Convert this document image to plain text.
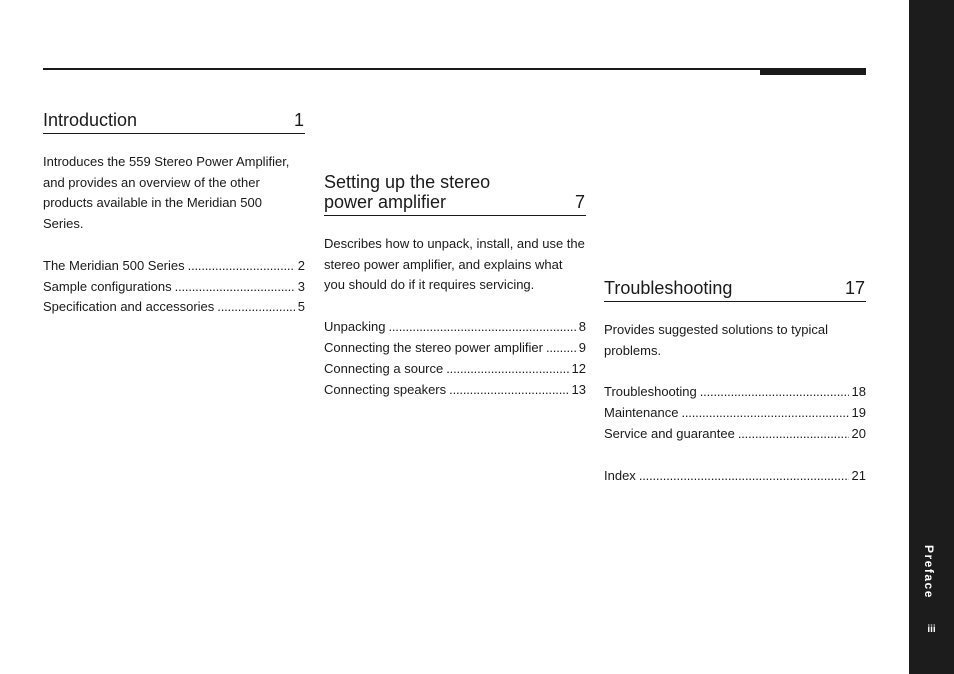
Introduction	1
Introduces the 559 Stereo Power Amplifier, and provides an overview of the other products available in the Meridian 500 Series.
The Meridian 500 Series . . .	2
Sample configurations . . .	3
Specification and accessories . . .	5
Setting up the stereo
power amplifier	7
Describes how to unpack, install, and use the stereo power amplifier, and explains what you should do if it requires servicing.
Unpacking . . .	8
Connecting the stereo power amplifier . . .	9
Connecting a source . . .	12
Connecting speakers . . .	13
Troubleshooting	17
Provides suggested solutions to typical problems.
Troubleshooting . . .	18
Maintenance . . .	19
Service and guarantee . . .	20
Index . . .	21
Preface
iii
